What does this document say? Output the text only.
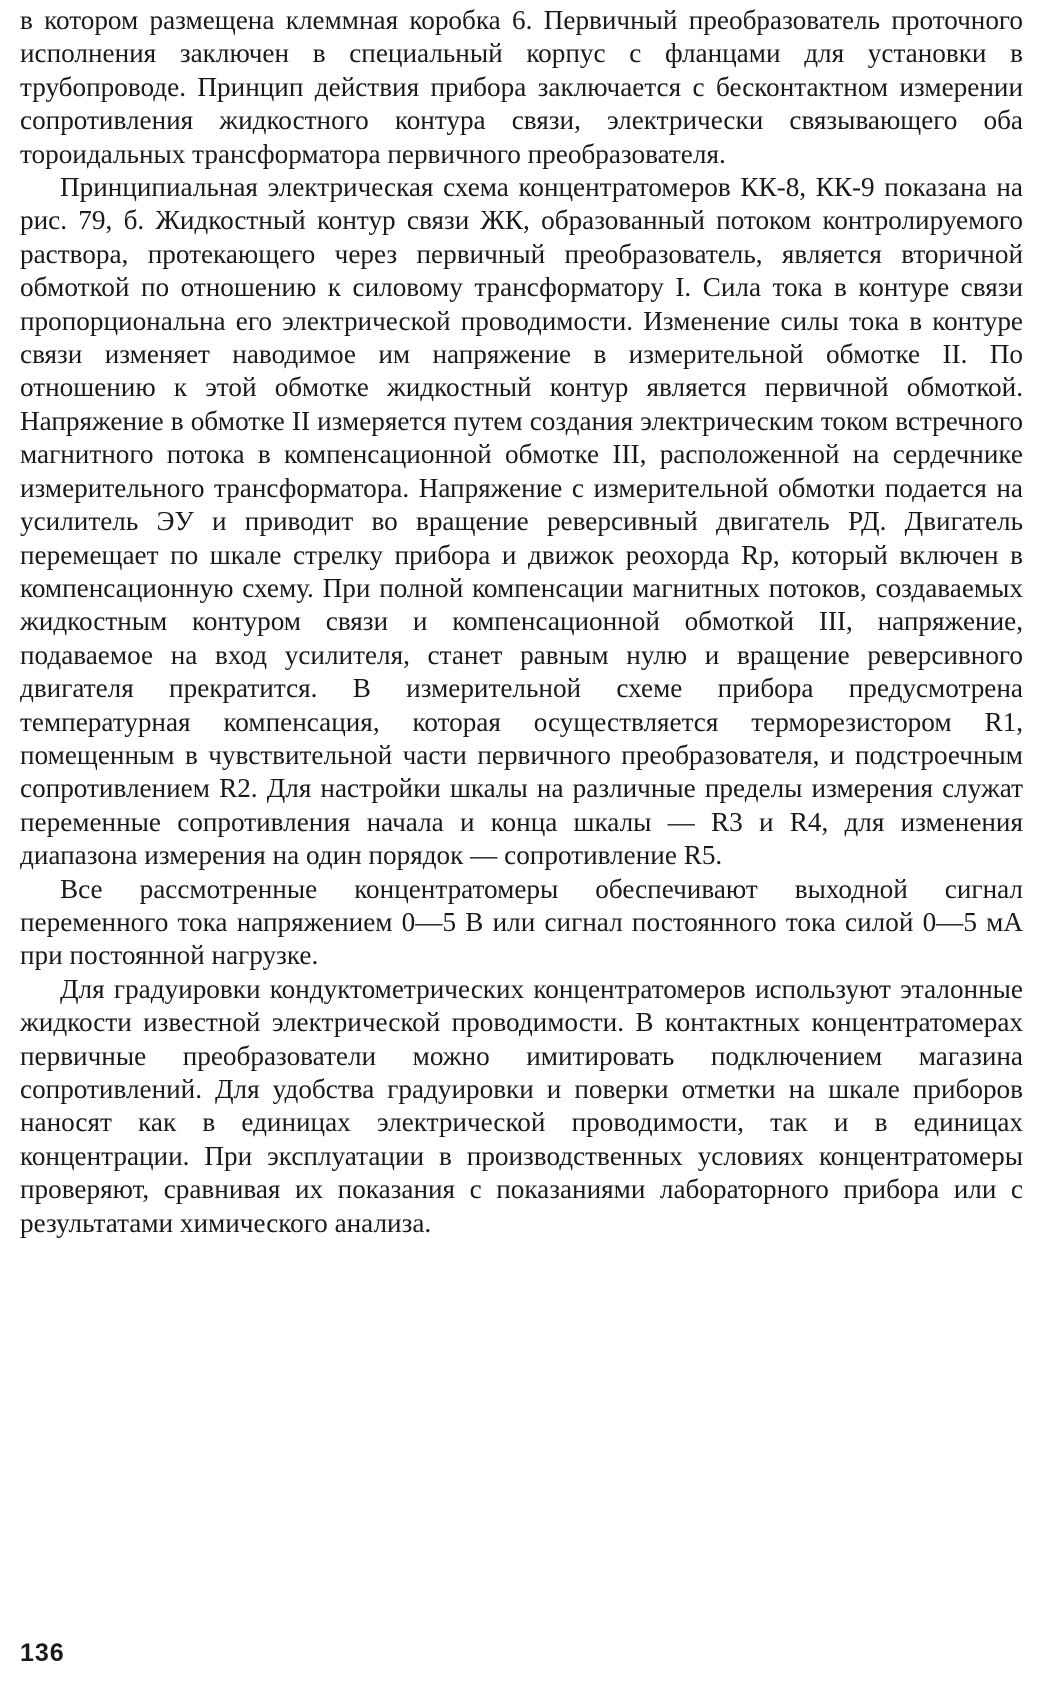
в котором размещена клеммная коробка 6. Первичный преобразователь проточного исполнения заключен в специальный корпус с фланцами для установки в трубопроводе. Принцип действия прибора заключается с бесконтактном измерении сопротивления жидкостного контура связи, электрически связывающего оба тороидальных трансформатора первичного преобразователя.

Принципиальная электрическая схема концентратомеров КК-8, КК-9 показана на рис. 79, б. Жидкостный контур связи ЖК, образованный потоком контролируемого раствора, протекающего через первичный преобразователь, является вторичной обмоткой по отношению к силовому трансформатору I. Сила тока в контуре связи пропорциональна его электрической проводимости. Изменение силы тока в контуре связи изменяет наводимое им напряжение в измерительной обмотке II. По отношению к этой обмотке жидкостный контур является первичной обмоткой. Напряжение в обмотке II измеряется путем создания электрическим током встречного магнитного потока в компенсационной обмотке III, расположенной на сердечнике измерительного трансформатора. Напряжение с измерительной обмотки подается на усилитель ЭУ и приводит во вращение реверсивный двигатель РД. Двигатель перемещает по шкале стрелку прибора и движок реохорда Rp, который включен в компенсационную схему. При полной компенсации магнитных потоков, создаваемых жидкостным контуром связи и компенсационной обмоткой III, напряжение, подаваемое на вход усилителя, станет равным нулю и вращение реверсивного двигателя прекратится. В измерительной схеме прибора предусмотрена температурная компенсация, которая осуществляется терморезистором R1, помещенным в чувствительной части первичного преобразователя, и подстроечным сопротивлением R2. Для настройки шкалы на различные пределы измерения служат переменные сопротивления начала и конца шкалы — R3 и R4, для изменения диапазона измерения на один порядок — сопротивление R5.

Все рассмотренные концентратомеры обеспечивают выходной сигнал переменного тока напряжением 0—5 В или сигнал постоянного тока силой 0—5 мА при постоянной нагрузке.

Для градуировки кондуктометрических концентратомеров используют эталонные жидкости известной электрической проводимости. В контактных концентратомерах первичные преобразователи можно имитировать подключением магазина сопротивлений. Для удобства градуировки и поверки отметки на шкале приборов наносят как в единицах электрической проводимости, так и в единицах концентрации. При эксплуатации в производственных условиях концентратомеры проверяют, сравнивая их показания с показаниями лабораторного прибора или с результатами химического анализа.

136
